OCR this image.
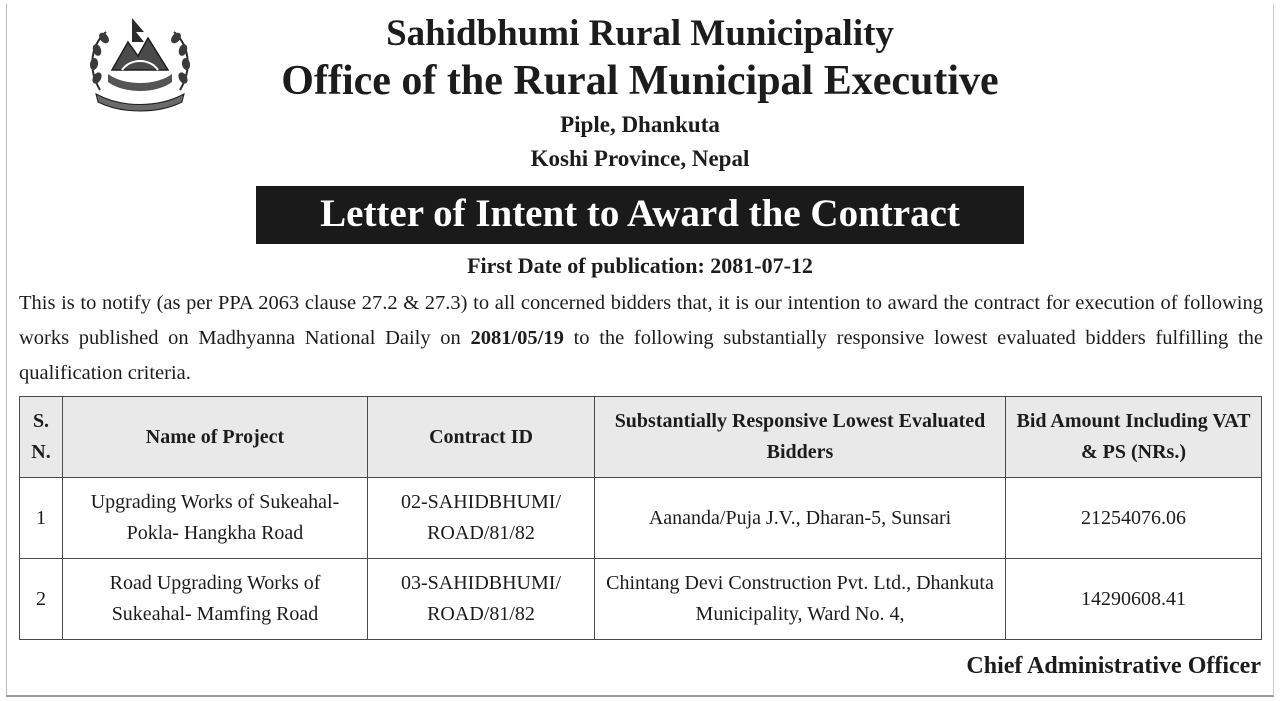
Sahidbhumi Rural Municipality
Office of the Rural Municipal Executive
Piple, Dhankuta
Koshi Province, Nepal
Letter of Intent to Award the Contract
First Date of publication: 2081-07-12

This is to notify (as per PPA 2063 clause 27.2 & 27.3) to all concerned bidders that, it is our intention to award the contract for execution of following works published on Madhyanna National Daily on 2081/05/19 to the following substantially responsive lowest evaluated bidders fulfilling the qualification criteria.

S. N.	Name of Project	Contract ID	Substantially Responsive Lowest Evaluated Bidders	Bid Amount Including VAT & PS (NRs.)
1	Upgrading Works of Sukeahal-Pokla- Hangkha Road	02-SAHIDBHUMI/ ROAD/81/82	Aananda/Puja J.V., Dharan-5, Sunsari	21254076.06
2	Road Upgrading Works of Sukeahal- Mamfing Road	03-SAHIDBHUMI/ ROAD/81/82	Chintang Devi Construction Pvt. Ltd., Dhankuta Municipality, Ward No. 4,	14290608.41
Chief Administrative Officer
